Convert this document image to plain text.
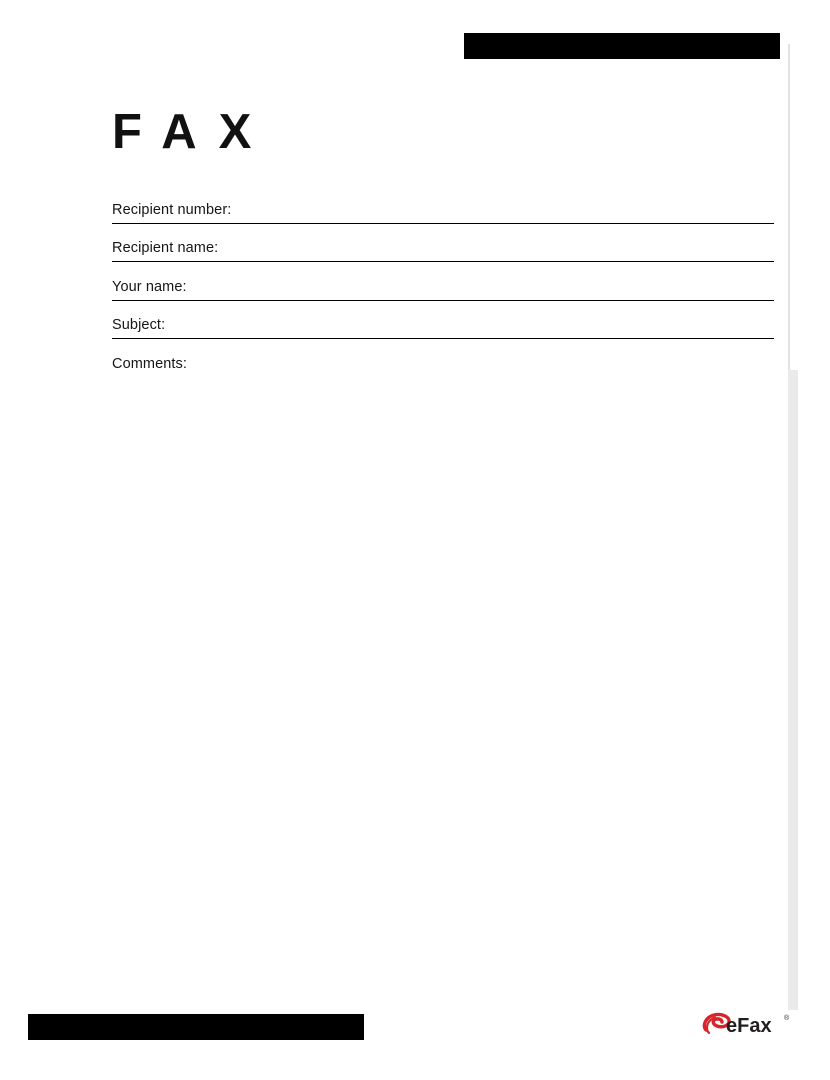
FAX
Recipient number:
Recipient name:
Your name:
Subject:
Comments:
eFax ®
